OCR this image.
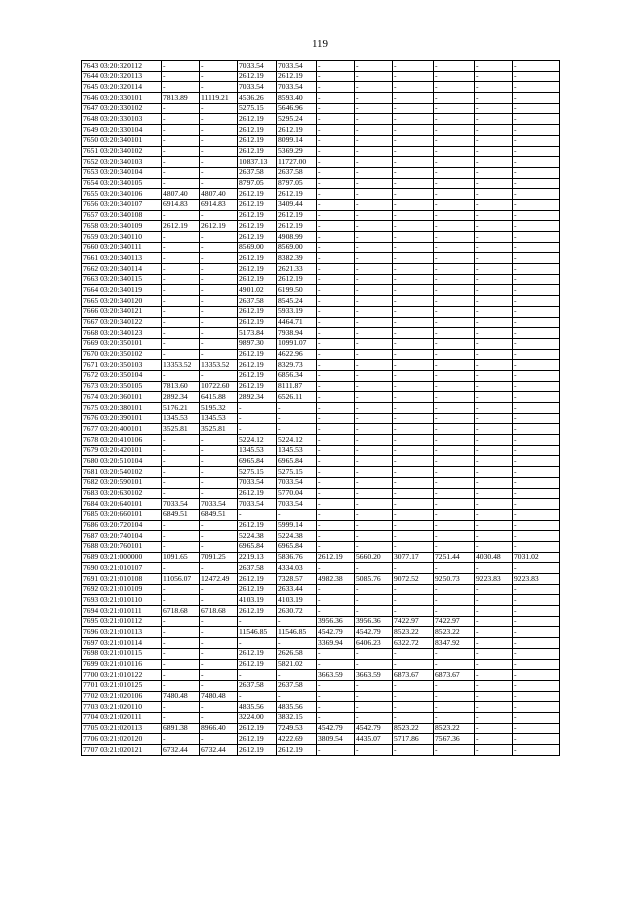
119
7643 03:20:320112	-	-	7033.54	7033.54	-	-	-	-	-	-
7644 03:20:320113	-	-	2612.19	2612.19	-	-	-	-	-	-
7645 03:20:320114	-	-	7033.54	7033.54	-	-	-	-	-	-
7646 03:20:330101	7813.89	11119.21	4536.26	8593.40	-	-	-	-	-	-
7647 03:20:330102	-	-	5275.15	5646.96	-	-	-	-	-	-
7648 03:20:330103	-	-	2612.19	5295.24	-	-	-	-	-	-
7649 03:20:330104	-	-	2612.19	2612.19	-	-	-	-	-	-
7650 03:20:340101	-	-	2612.19	8099.14	-	-	-	-	-	-
7651 03:20:340102	-	-	2612.19	5369.29	-	-	-	-	-	-
7652 03:20:340103	-	-	10837.13	11727.00	-	-	-	-	-	-
7653 03:20:340104	-	-	2637.58	2637.58	-	-	-	-	-	-
7654 03:20:340105	-	-	8797.05	8797.05	-	-	-	-	-	-
7655 03:20:340106	4807.40	4807.40	2612.19	2612.19	-	-	-	-	-	-
7656 03:20:340107	6914.83	6914.83	2612.19	3409.44	-	-	-	-	-	-
7657 03:20:340108	-	-	2612.19	2612.19	-	-	-	-	-	-
7658 03:20:340109	2612.19	2612.19	2612.19	2612.19	-	-	-	-	-	-
7659 03:20:340110	-	-	2612.19	4908.99	-	-	-	-	-	-
7660 03:20:340111	-	-	8569.00	8569.00	-	-	-	-	-	-
7661 03:20:340113	-	-	2612.19	8382.39	-	-	-	-	-	-
7662 03:20:340114	-	-	2612.19	2621.33	-	-	-	-	-	-
7663 03:20:340115	-	-	2612.19	2612.19	-	-	-	-	-	-
7664 03:20:340119	-	-	4901.02	6199.50	-	-	-	-	-	-
7665 03:20:340120	-	-	2637.58	8545.24	-	-	-	-	-	-
7666 03:20:340121	-	-	2612.19	5933.19	-	-	-	-	-	-
7667 03:20:340122	-	-	2612.19	4464.71	-	-	-	-	-	-
7668 03:20:340123	-	-	5173.84	7938.94	-	-	-	-	-	-
7669 03:20:350101	-	-	9897.30	10991.07	-	-	-	-	-	-
7670 03:20:350102	-	-	2612.19	4622.96	-	-	-	-	-	-
7671 03:20:350103	13353.52	13353.52	2612.19	8329.73	-	-	-	-	-	-
7672 03:20:350104	-	-	2612.19	6856.34	-	-	-	-	-	-
7673 03:20:350105	7813.60	10722.60	2612.19	8111.87	-	-	-	-	-	-
7674 03:20:360101	2892.34	6415.88	2892.34	6526.11	-	-	-	-	-	-
7675 03:20:380101	5176.21	5195.32	-	-	-	-	-	-	-	-
7676 03:20:390101	1345.53	1345.53	-	-	-	-	-	-	-	-
7677 03:20:400101	3525.81	3525.81	-	-	-	-	-	-	-	-
7678 03:20:410106	-	-	5224.12	5224.12	-	-	-	-	-	-
7679 03:20:420101	-	-	1345.53	1345.53	-	-	-	-	-	-
7680 03:20:510104	-	-	6965.84	6965.84	-	-	-	-	-	-
7681 03:20:540102	-	-	5275.15	5275.15	-	-	-	-	-	-
7682 03:20:590101	-	-	7033.54	7033.54	-	-	-	-	-	-
7683 03:20:630102	-	-	2612.19	5770.04	-	-	-	-	-	-
7684 03:20:640101	7033.54	7033.54	7033.54	7033.54	-	-	-	-	-	-
7685 03:20:660101	6849.51	6849.51	-	-	-	-	-	-	-	-
7686 03:20:720104	-	-	2612.19	5999.14	-	-	-	-	-	-
7687 03:20:740104	-	-	5224.38	5224.38	-	-	-	-	-	-
7688 03:20:760101	-	-	6965.84	6965.84	-	-	-	-	-	-
7689 03:21:000000	1091.65	7091.25	2219.13	5836.76	2612.19	5660.20	3077.17	7251.44	4030.48	7031.02
7690 03:21:010107	-	-	2637.58	4334.03	-	-	-	-	-	-
7691 03:21:010108	11056.07	12472.49	2612.19	7328.57	4982.38	5085.76	9072.52	9250.73	9223.83	9223.83
7692 03:21:010109	-	-	2612.19	2633.44	-	-	-	-	-	-
7693 03:21:010110	-	-	4103.19	4103.19	-	-	-	-	-	-
7694 03:21:010111	6718.68	6718.68	2612.19	2630.72	-	-	-	-	-	-
7695 03:21:010112	-	-	-	-	3956.36	3956.36	7422.97	7422.97	-	-
7696 03:21:010113	-	-	11546.85	11546.85	4542.79	4542.79	8523.22	8523.22	-	-
7697 03:21:010114	-	-	-	-	3369.94	6406.23	6322.72	8347.92	-	-
7698 03:21:010115	-	-	2612.19	2626.58	-	-	-	-	-	-
7699 03:21:010116	-	-	2612.19	5821.02	-	-	-	-	-	-
7700 03:21:010122	-	-	-	-	3663.59	3663.59	6873.67	6873.67	-	-
7701 03:21:010125	-	-	2637.58	2637.58	-	-	-	-	-	-
7702 03:21:020106	7480.48	7480.48	-	-	-	-	-	-	-	-
7703 03:21:020110	-	-	4835.56	4835.56	-	-	-	-	-	-
7704 03:21:020111	-	-	3224.00	3832.15	-	-	-	-	-	-
7705 03:21:020113	6891.38	8966.40	2612.19	7249.53	4542.79	4542.79	8523.22	8523.22	-	-
7706 03:21:020120	-	-	2612.19	4222.69	3809.54	4435.07	5717.86	7567.36	-	-
7707 03:21:020121	6732.44	6732.44	2612.19	2612.19	-	-	-	-	-	-
